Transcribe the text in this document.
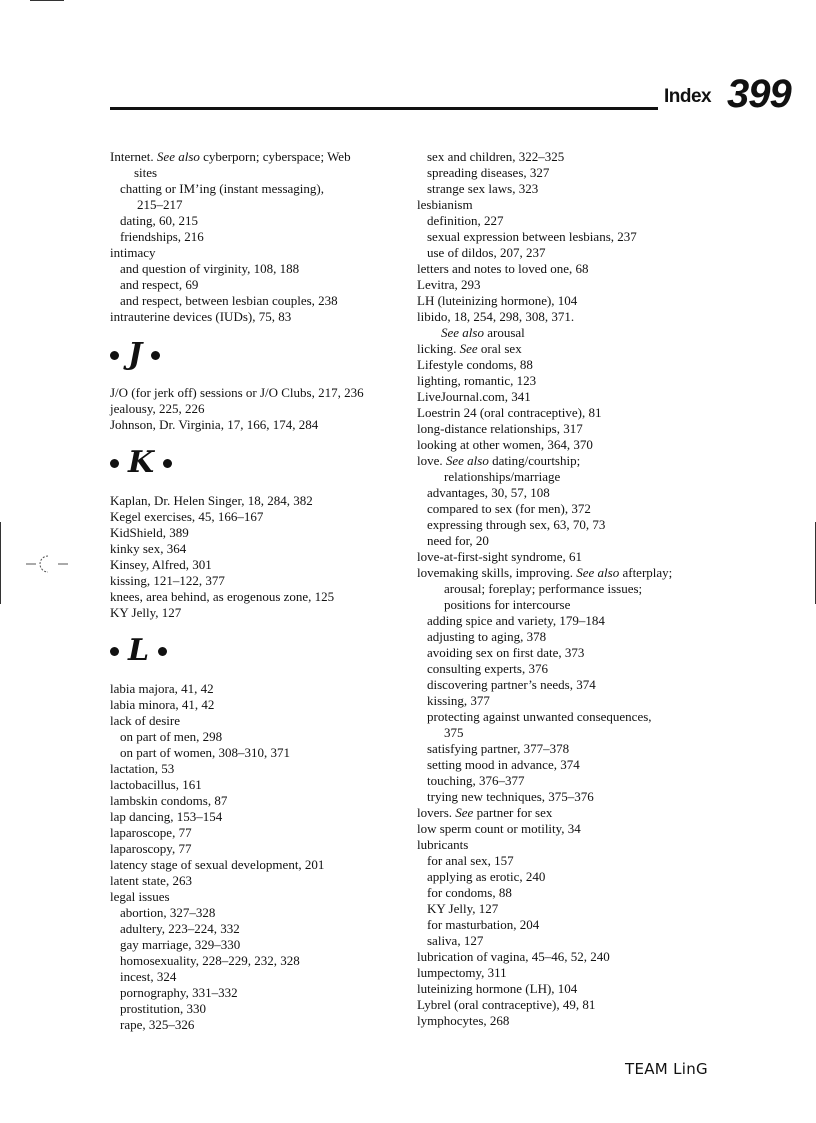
Index 399
Internet. See also cyberporn; cyberspace; Web
sites
chatting or IM’ing (instant messaging),
215–217
dating, 60, 215
friendships, 216
intimacy
and question of virginity, 108, 188
and respect, 69
and respect, between lesbian couples, 238
intrauterine devices (IUDs), 75, 83
J
J/O (for jerk off) sessions or J/O Clubs, 217, 236
jealousy, 225, 226
Johnson, Dr. Virginia, 17, 166, 174, 284
K
Kaplan, Dr. Helen Singer, 18, 284, 382
Kegel exercises, 45, 166–167
KidShield, 389
kinky sex, 364
Kinsey, Alfred, 301
kissing, 121–122, 377
knees, area behind, as erogenous zone, 125
KY Jelly, 127
L
labia majora, 41, 42
labia minora, 41, 42
lack of desire
on part of men, 298
on part of women, 308–310, 371
lactation, 53
lactobacillus, 161
lambskin condoms, 87
lap dancing, 153–154
laparoscope, 77
laparoscopy, 77
latency stage of sexual development, 201
latent state, 263
legal issues
abortion, 327–328
adultery, 223–224, 332
gay marriage, 329–330
homosexuality, 228–229, 232, 328
incest, 324
pornography, 331–332
prostitution, 330
rape, 325–326
sex and children, 322–325
spreading diseases, 327
strange sex laws, 323
lesbianism
definition, 227
sexual expression between lesbians, 237
use of dildos, 207, 237
letters and notes to loved one, 68
Levitra, 293
LH (luteinizing hormone), 104
libido, 18, 254, 298, 308, 371.
See also arousal
licking. See oral sex
Lifestyle condoms, 88
lighting, romantic, 123
LiveJournal.com, 341
Loestrin 24 (oral contraceptive), 81
long-distance relationships, 317
looking at other women, 364, 370
love. See also dating/courtship;
relationships/marriage
advantages, 30, 57, 108
compared to sex (for men), 372
expressing through sex, 63, 70, 73
need for, 20
love-at-first-sight syndrome, 61
lovemaking skills, improving. See also afterplay;
arousal; foreplay; performance issues;
positions for intercourse
adding spice and variety, 179–184
adjusting to aging, 378
avoiding sex on first date, 373
consulting experts, 376
discovering partner’s needs, 374
kissing, 377
protecting against unwanted consequences,
375
satisfying partner, 377–378
setting mood in advance, 374
touching, 376–377
trying new techniques, 375–376
lovers. See partner for sex
low sperm count or motility, 34
lubricants
for anal sex, 157
applying as erotic, 240
for condoms, 88
KY Jelly, 127
for masturbation, 204
saliva, 127
lubrication of vagina, 45–46, 52, 240
lumpectomy, 311
luteinizing hormone (LH), 104
Lybrel (oral contraceptive), 49, 81
lymphocytes, 268
TEAM LinG
